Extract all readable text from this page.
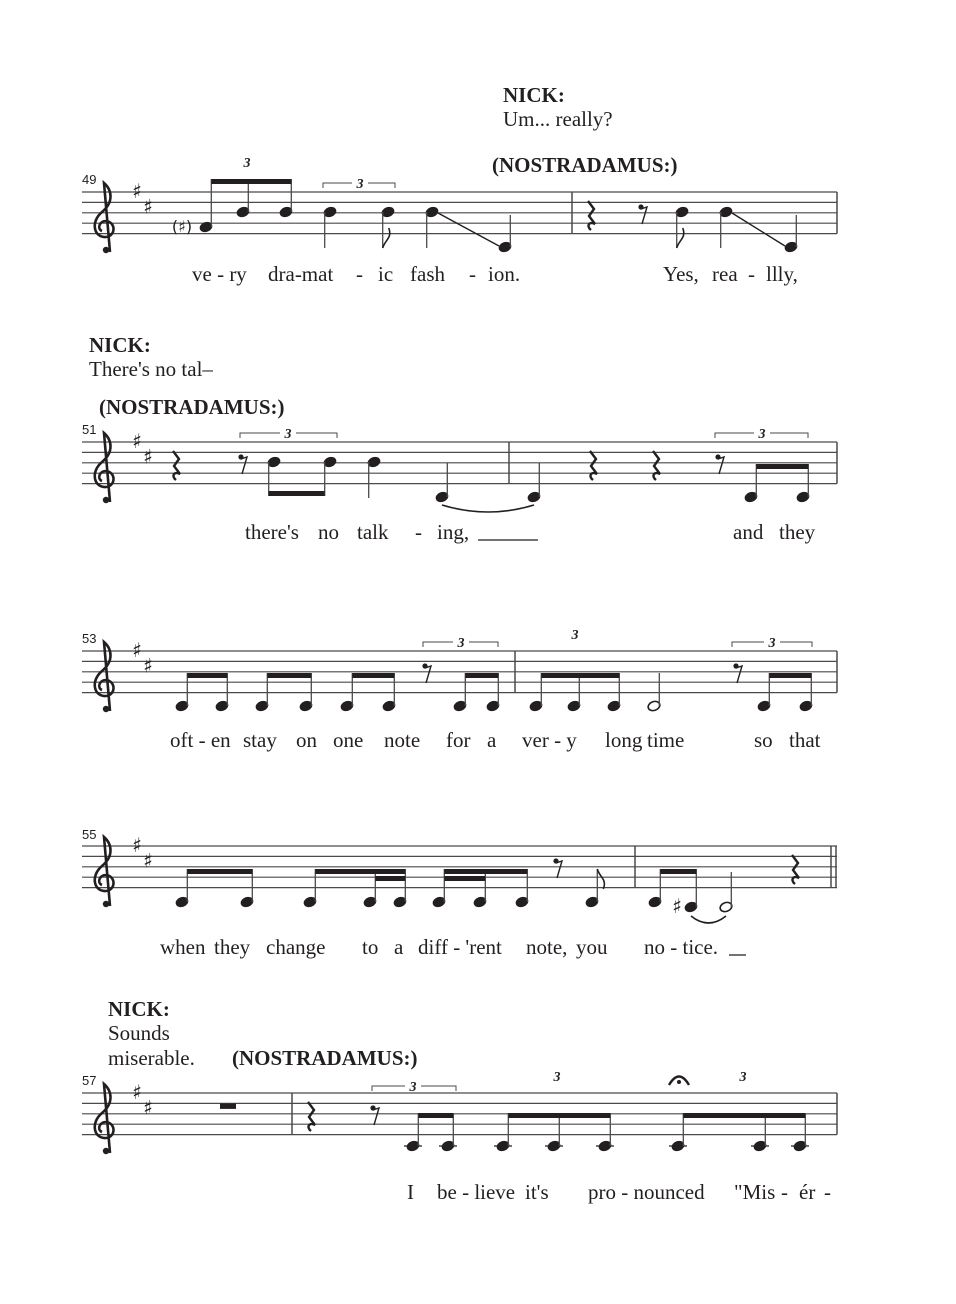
♯
♯
(♯)
3
3
♯
♯
3	3
♯
♯
3
3
3
♯
♯
♯
♯
♯
3
3	3
NICK:
Um... really?
(NOSTRADAMUS:)
NICK:
There's no tal–
(NOSTRADAMUS:)
NICK:
Sounds
miserable. (NOSTRADAMUS:)
49
51
53
55
57
ve - ry dra-mat - ic fash - ion.	Yes, rea - llly,
there's no talk - ing,	and they
oft - en stay on one note for a ver - y long time	so that
when they change to a diff - 'rent note, you no - tice.
I be - lieve it's pro - nounced "Mis - ér -
